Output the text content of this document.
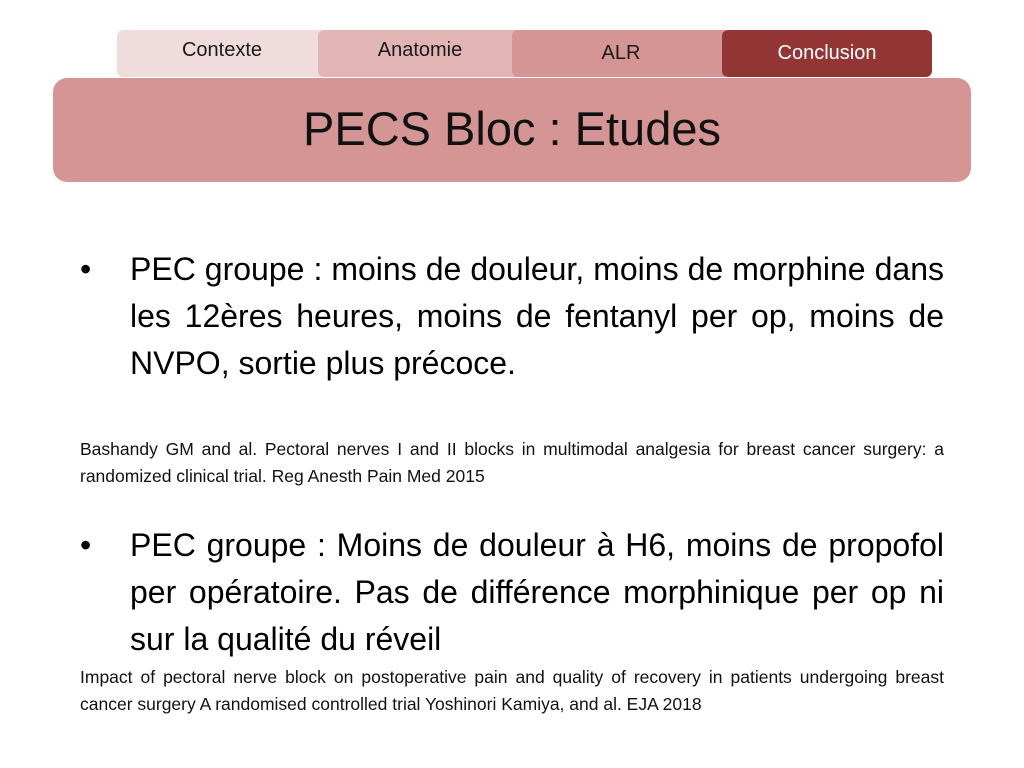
Contexte	Anatomie	ALR	Conclusion
PECS Bloc : Etudes
•	PEC groupe : moins de douleur, moins de morphine dans les 12ères heures, moins de fentanyl per op, moins de NVPO, sortie plus précoce.
Bashandy GM and al. Pectoral nerves I and II blocks in multimodal analgesia for breast cancer surgery: a randomized clinical trial. Reg Anesth Pain Med 2015
•	PEC groupe : Moins de douleur à H6, moins de propofol per opératoire. Pas de différence morphinique per op ni sur la qualité du réveil
Impact of pectoral nerve block on postoperative pain and quality of recovery in patients undergoing breast cancer surgery A randomised controlled trial Yoshinori Kamiya, and al. EJA 2018
